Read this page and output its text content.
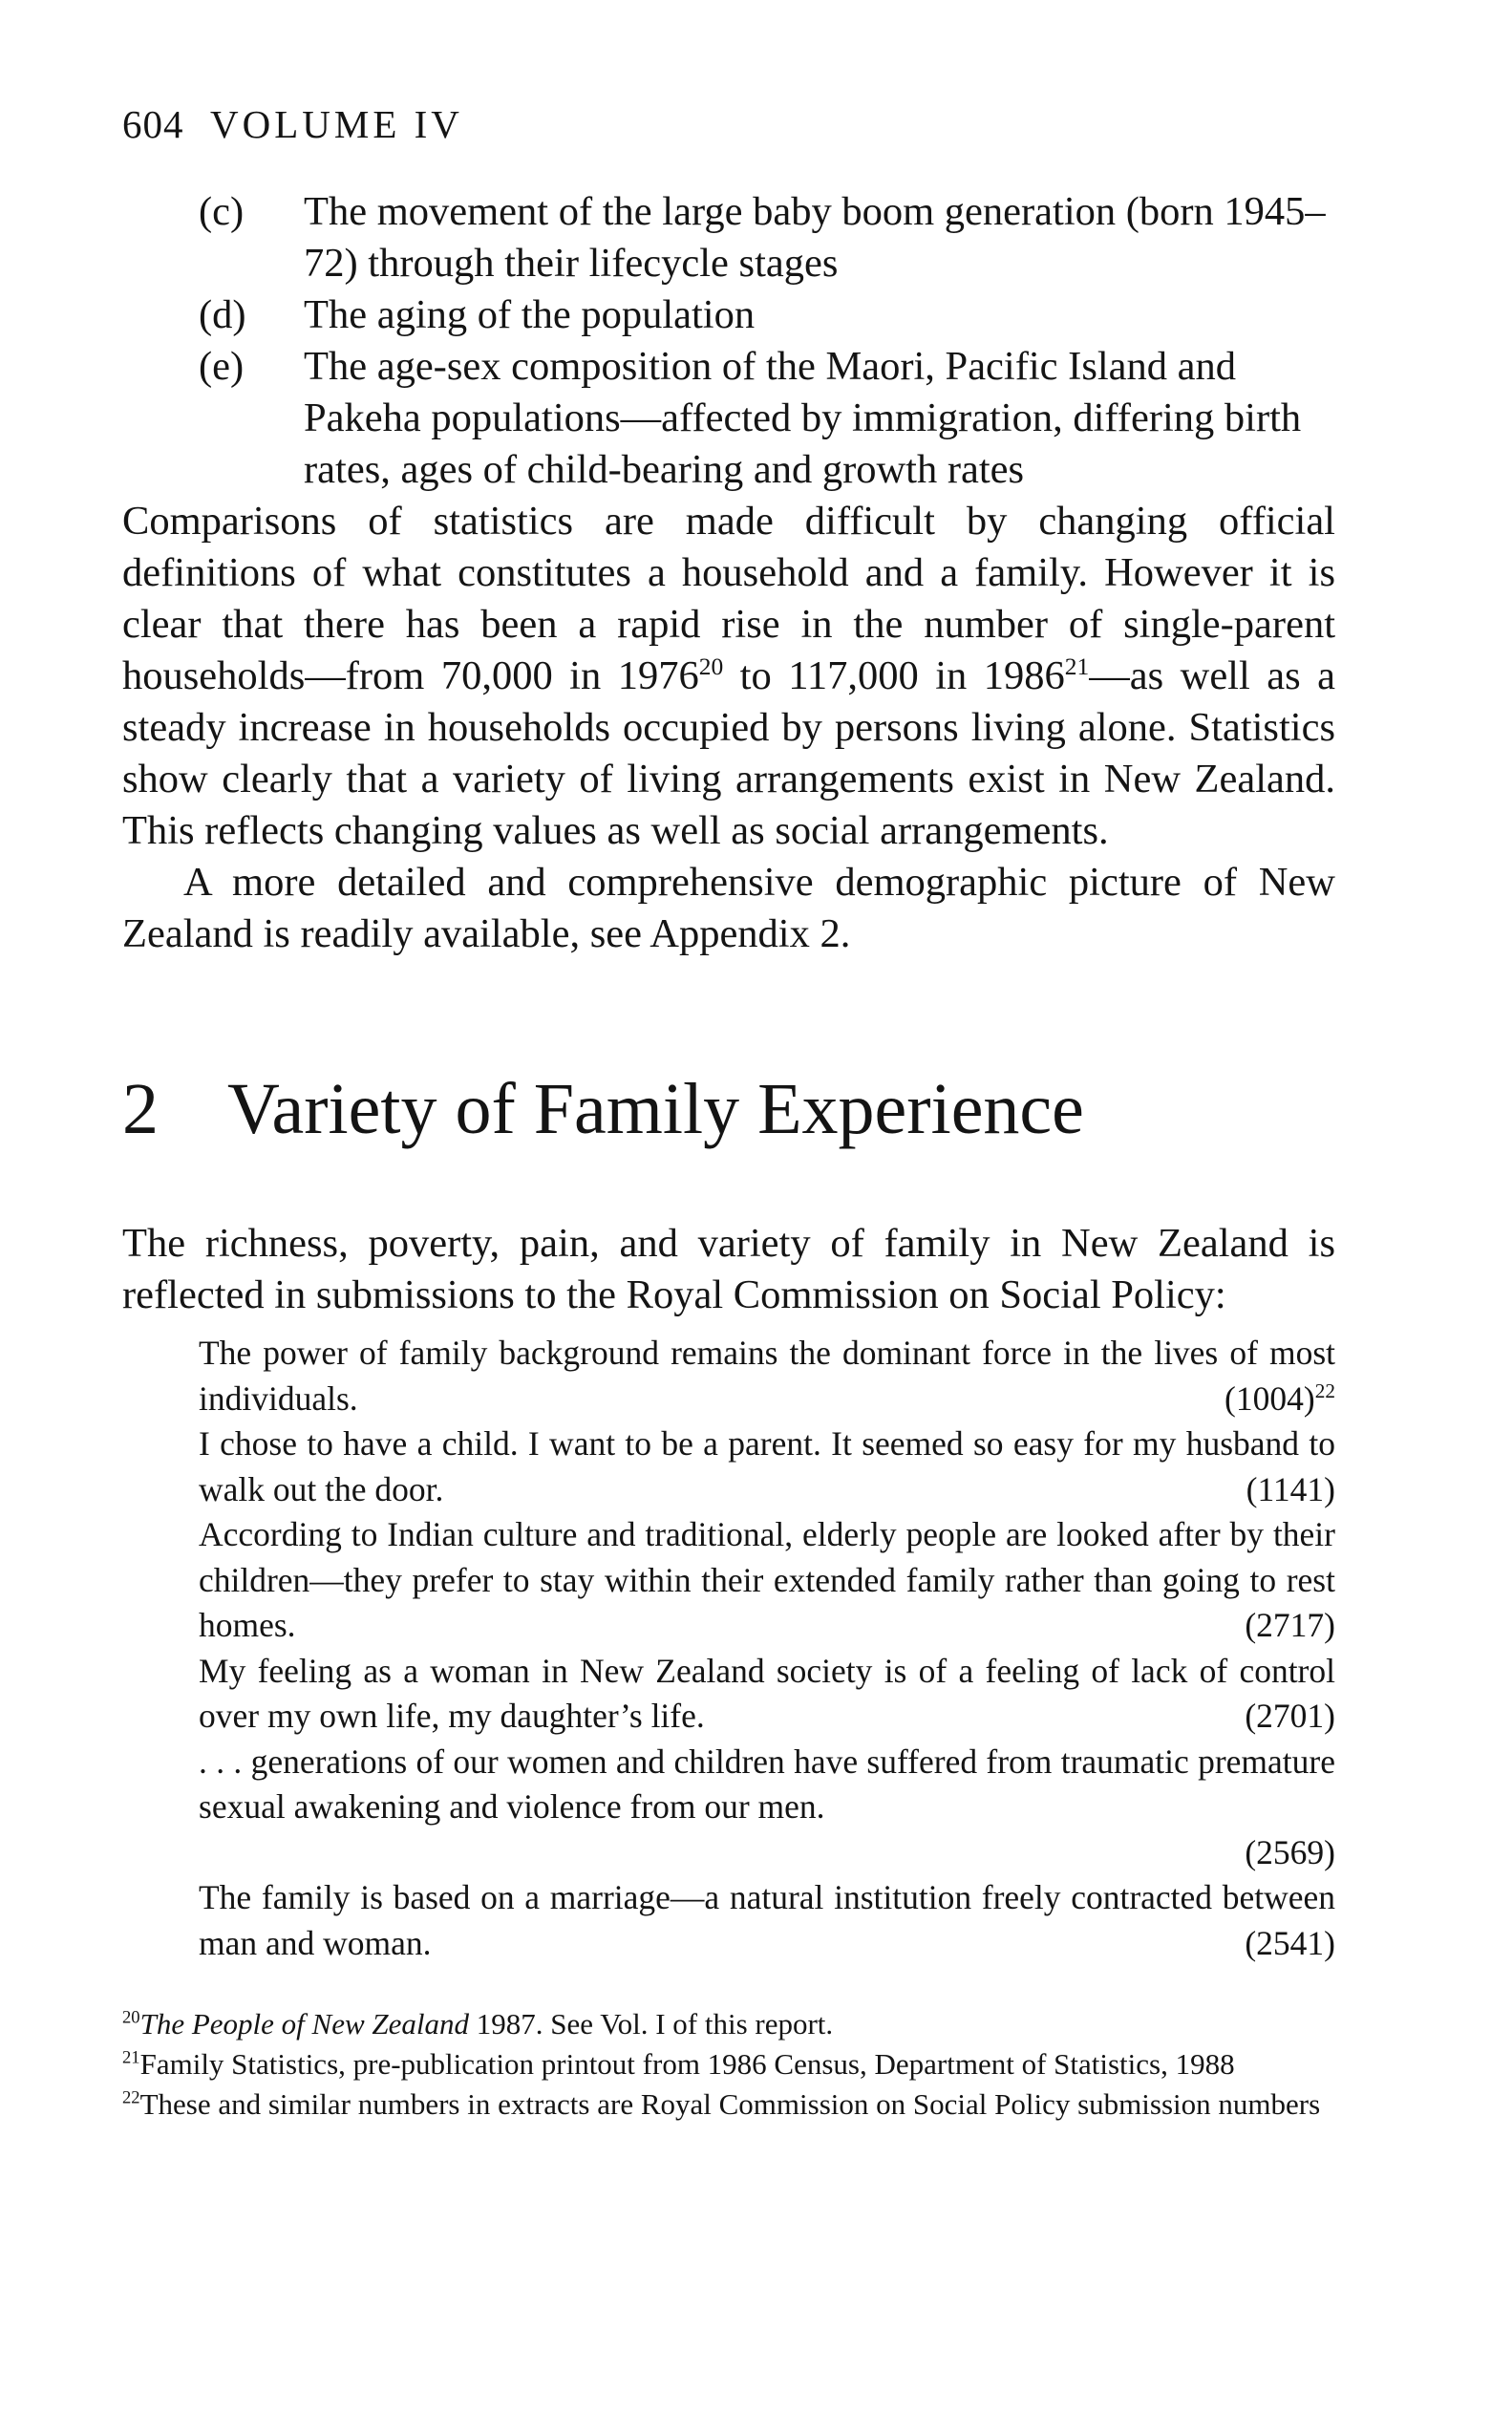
604 VOLUME IV
(c)	The movement of the large baby boom generation (born 1945–72) through their lifecycle stages
(d)	The aging of the population
(e)	The age-sex composition of the Maori, Pacific Island and Pakeha populations—affected by immigration, differing birth rates, ages of child-bearing and growth rates

Comparisons of statistics are made difficult by changing official definitions of what constitutes a household and a family. However it is clear that there has been a rapid rise in the number of single-parent households—from 70,000 in 1976$^{20}$ to 117,000 in 1986$^{21}$—as well as a steady increase in households occupied by persons living alone. Statistics show clearly that a variety of living arrangements exist in New Zealand. This reflects changing values as well as social arrangements.

A more detailed and comprehensive demographic picture of New Zealand is readily available, see Appendix 2.

2 Variety of Family Experience

The richness, poverty, pain, and variety of family in New Zealand is reflected in submissions to the Royal Commission on Social Policy:

The power of family background remains the dominant force in the lives of most individuals.	$(1004)^{22}$
I chose to have a child. I want to be a parent. It seemed so easy for my husband to walk out the door.	(1141)
According to Indian culture and traditional, elderly people are looked after by their children—they prefer to stay within their extended family rather than going to rest homes.	(2717)
My feeling as a woman in New Zealand society is of a feeling of lack of control over my own life, my daughter’s life.	(2701)
. . . generations of our women and children have suffered from traumatic premature sexual awakening and violence from our men.
(2569)
The family is based on a marriage—a natural institution freely contracted between man and woman.	(2541)
$^{20}$The People of New Zealand 1987. See Vol. I of this report.
$^{21}$Family Statistics, pre-publication printout from 1986 Census, Department of Statistics, 1988
$^{22}$These and similar numbers in extracts are Royal Commission on Social Policy submission numbers
